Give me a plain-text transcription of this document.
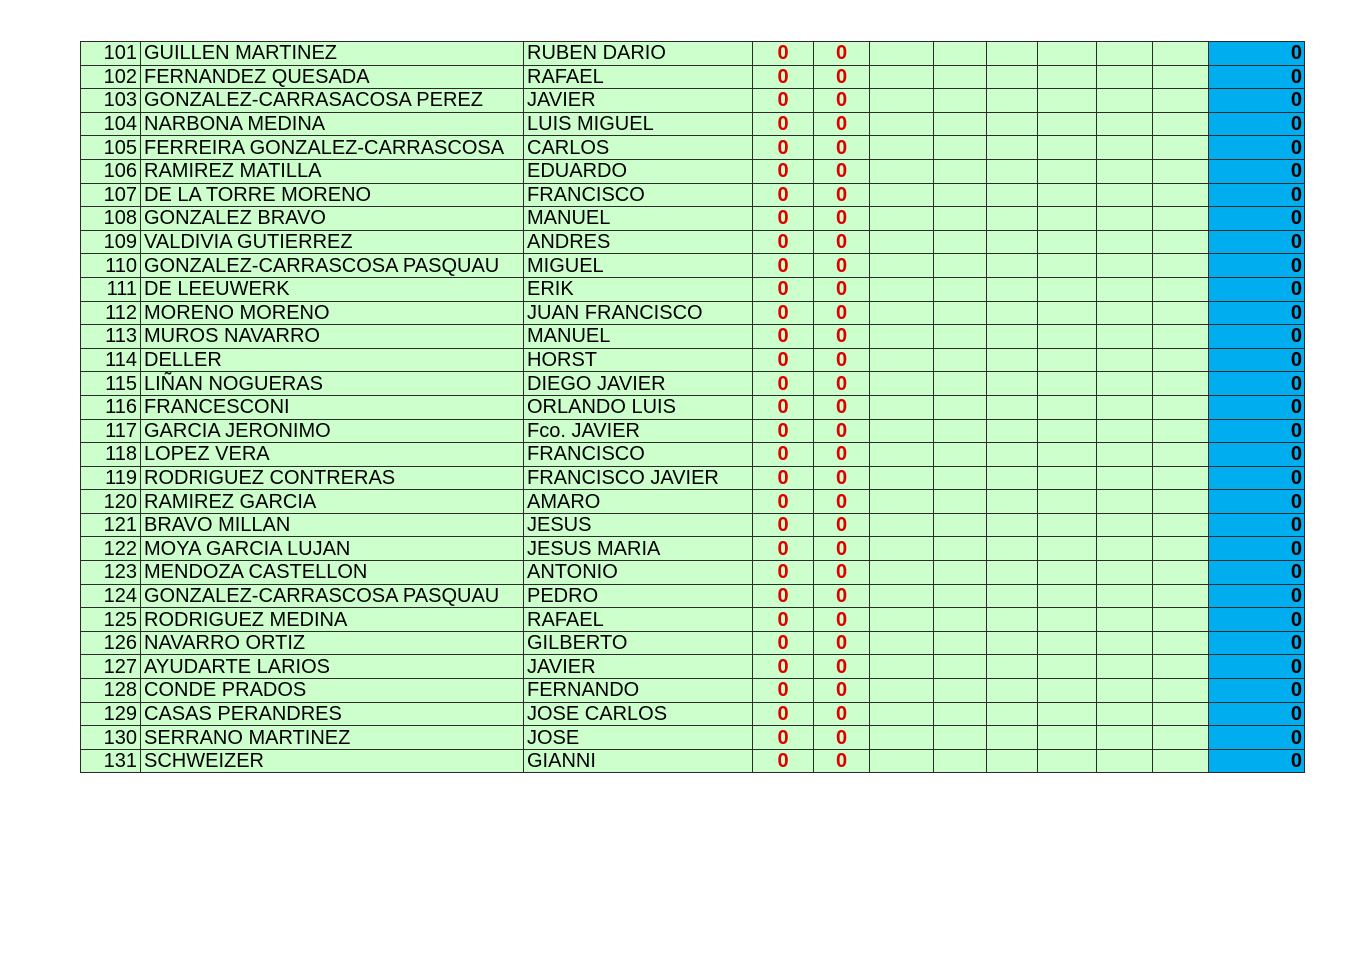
101	GUILLEN MARTINEZ	RUBEN DARIO	0	0							0
102	FERNANDEZ QUESADA	RAFAEL	0	0							0
103	GONZALEZ-CARRASACOSA PEREZ	JAVIER	0	0							0
104	NARBONA MEDINA	LUIS MIGUEL	0	0							0
105	FERREIRA GONZALEZ-CARRASCOSA	CARLOS	0	0							0
106	RAMIREZ MATILLA	EDUARDO	0	0							0
107	DE LA TORRE MORENO	FRANCISCO	0	0							0
108	GONZALEZ BRAVO	MANUEL	0	0							0
109	VALDIVIA GUTIERREZ	ANDRES	0	0							0
110	GONZALEZ-CARRASCOSA PASQUAU	MIGUEL	0	0							0
111	DE LEEUWERK	ERIK	0	0							0
112	MORENO MORENO	JUAN FRANCISCO	0	0							0
113	MUROS NAVARRO	MANUEL	0	0							0
114	DELLER	HORST	0	0							0
115	LIÑAN NOGUERAS	DIEGO JAVIER	0	0							0
116	FRANCESCONI	ORLANDO LUIS	0	0							0
117	GARCIA JERONIMO	Fco. JAVIER	0	0							0
118	LOPEZ VERA	FRANCISCO	0	0							0
119	RODRIGUEZ CONTRERAS	FRANCISCO JAVIER	0	0							0
120	RAMIREZ GARCIA	AMARO	0	0							0
121	BRAVO MILLAN	JESUS	0	0							0
122	MOYA GARCIA LUJAN	JESUS MARIA	0	0							0
123	MENDOZA CASTELLON	ANTONIO	0	0							0
124	GONZALEZ-CARRASCOSA PASQUAU	PEDRO	0	0							0
125	RODRIGUEZ MEDINA	RAFAEL	0	0							0
126	NAVARRO ORTIZ	GILBERTO	0	0							0
127	AYUDARTE LARIOS	JAVIER	0	0							0
128	CONDE PRADOS	FERNANDO	0	0							0
129	CASAS PERANDRES	JOSE CARLOS	0	0							0
130	SERRANO MARTINEZ	JOSE	0	0							0
131	SCHWEIZER	GIANNI	0	0							0
